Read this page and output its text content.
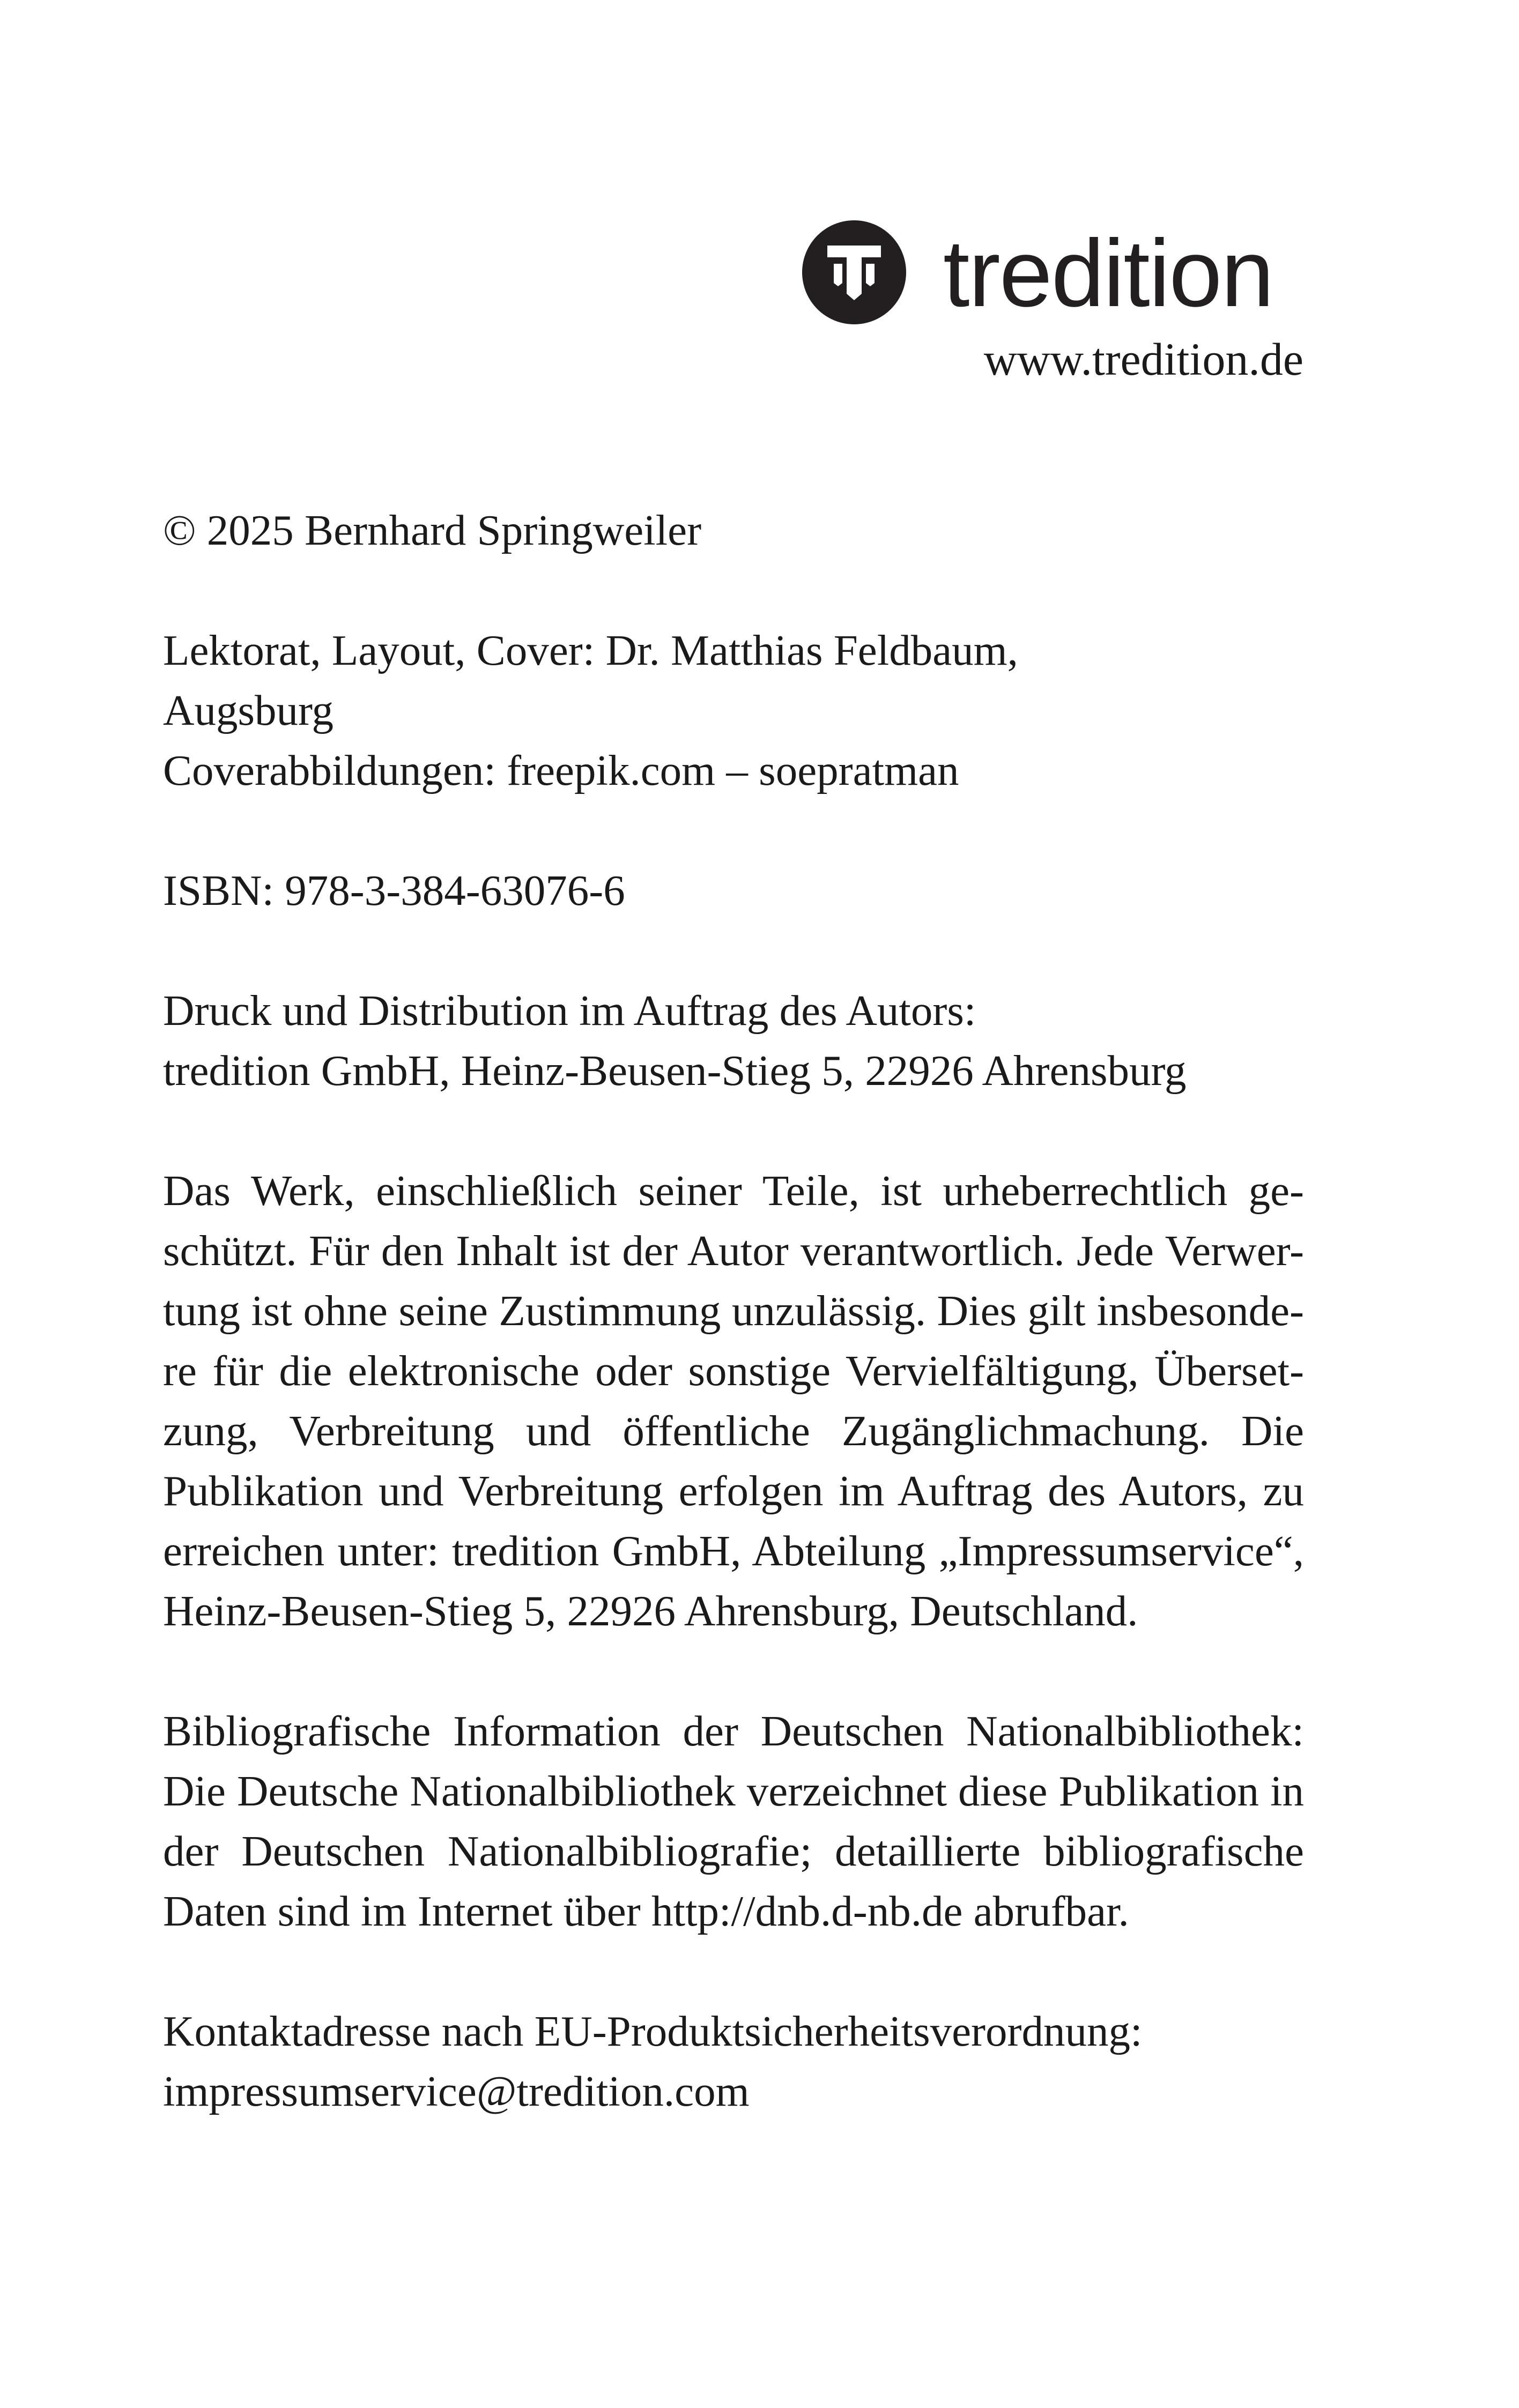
tredition
www.tredition.de

© 2025 Bernhard Springweiler

Lektorat, Layout, Cover: Dr. Matthias Feldbaum,
Augsburg
Coverabbildungen: freepik.com – soepratman

ISBN: 978-3-384-63076-6

Druck und Distribution im Auftrag des Autors:
tredition GmbH, Heinz-Beusen-Stieg 5, 22926 Ahrensburg

Das Werk, einschließlich seiner Teile, ist urheberrechtlich ge-
schützt. Für den Inhalt ist der Autor verantwortlich. Jede Verwer-
tung ist ohne seine Zustimmung unzulässig. Dies gilt insbesonde-
re für die elektronische oder sonstige Vervielfältigung, Überset-
zung, Verbreitung und öffentliche Zugänglichmachung. Die
Publikation und Verbreitung erfolgen im Auftrag des Autors, zu
erreichen unter: tredition GmbH, Abteilung „Impressumservice“,
Heinz-Beusen-Stieg 5, 22926 Ahrensburg, Deutschland.

Bibliografische Information der Deutschen Nationalbibliothek:
Die Deutsche Nationalbibliothek verzeichnet diese Publikation in
der Deutschen Nationalbibliografie; detaillierte bibliografische
Daten sind im Internet über http://dnb.d-nb.de abrufbar.

Kontaktadresse nach EU-Produktsicherheitsverordnung:
impressumservice@tredition.com
